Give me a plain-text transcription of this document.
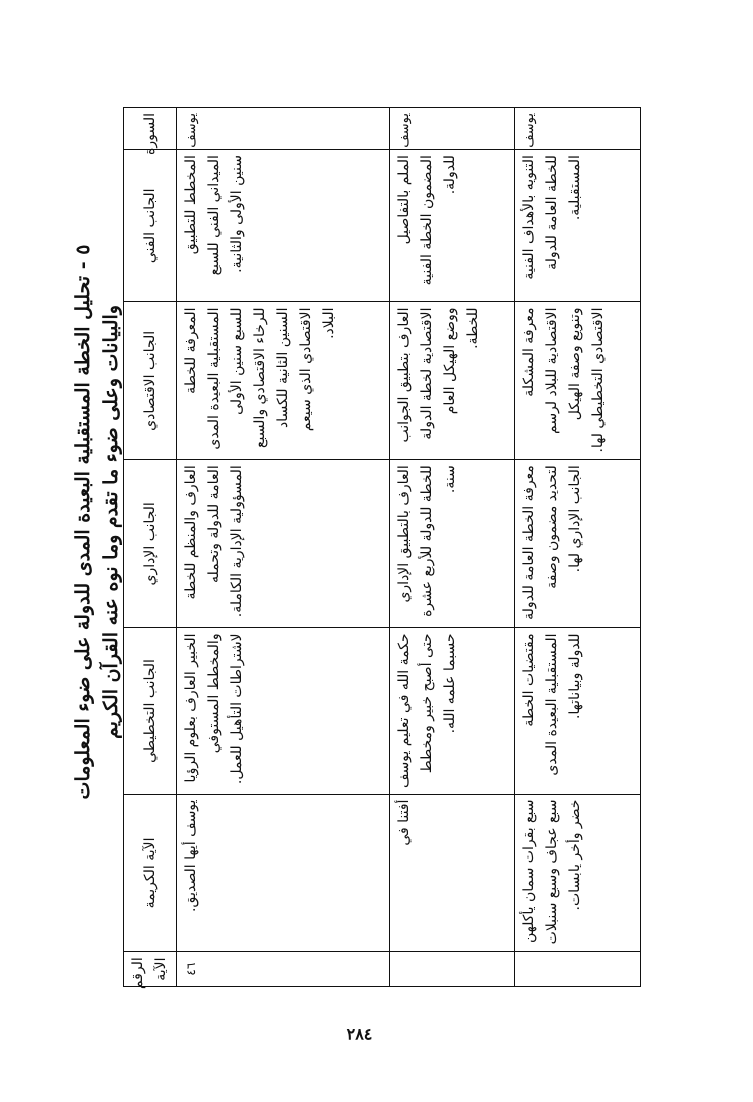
٥ - تحليل الخطة المستقبلية البعيدة المدى للدولة على ضوء المعلومات
والبيانات وعلى ضوء ما تقدم وما نوه عنه القرآن الكريم
السورة	الجانب الفني	الجانب الاقتصادي	الجانب الإداري	الجانب التخطيطي	الآية الكريمة	الرقم الآية
يوسف	المخطط للتطبيق الميداني الفني للسبع سنين الأولى والثانية.	المعرفة للخطة المستقبلية البعيدة المدى للسبع سنين الأولى للرخاء الاقتصادي والسبع السنين الثانية للكساد الاقتصادي الذي سيعم البلاد.	العارف والمنظم للخطة العامة للدولة وتحمله المسؤولية الإدارية الكاملة.	الخبير العارف بعلوم الرؤيا والمخطط المستوفي لاشتراطات التأهيل للعمل.	يوسف أيها الصديق.	٤٦
يوسف	الملم بالتفاصيل المضمون الخطة الفنية للدولة.	العارف بتطبيق الجوانب الاقتصادية لخطة الدولة ووضع الهيكل العام للخطة.	العارف بالتطبيق الإداري للخطة للدولة للأربع عشرة سنة.	حكمة الله في تعليم يوسف حتى أصبح خبير ومخطط حسبما علمه الله.	أفتنا في	
يوسف	التنويه بالأهداف الفنية للخطة العامة للدولة المستقبلية.	معرفة المشكلة الاقتصادية للبلاد لرسم وتنويع وصفة الهيكل الاقتصادي التخطيطي لها.	معرفة الخطة العامة للدولة لتحديد مضمون وصفة الجانب الإداري لها.	مقتضيات الخطة المستقبلية البعيدة المدى للدولة وبياناتها.	سبع بقرات سمان يأكلهن سبع عجاف وسبع سنبلات خضر وأخر يابسات.	
٢٨٤
